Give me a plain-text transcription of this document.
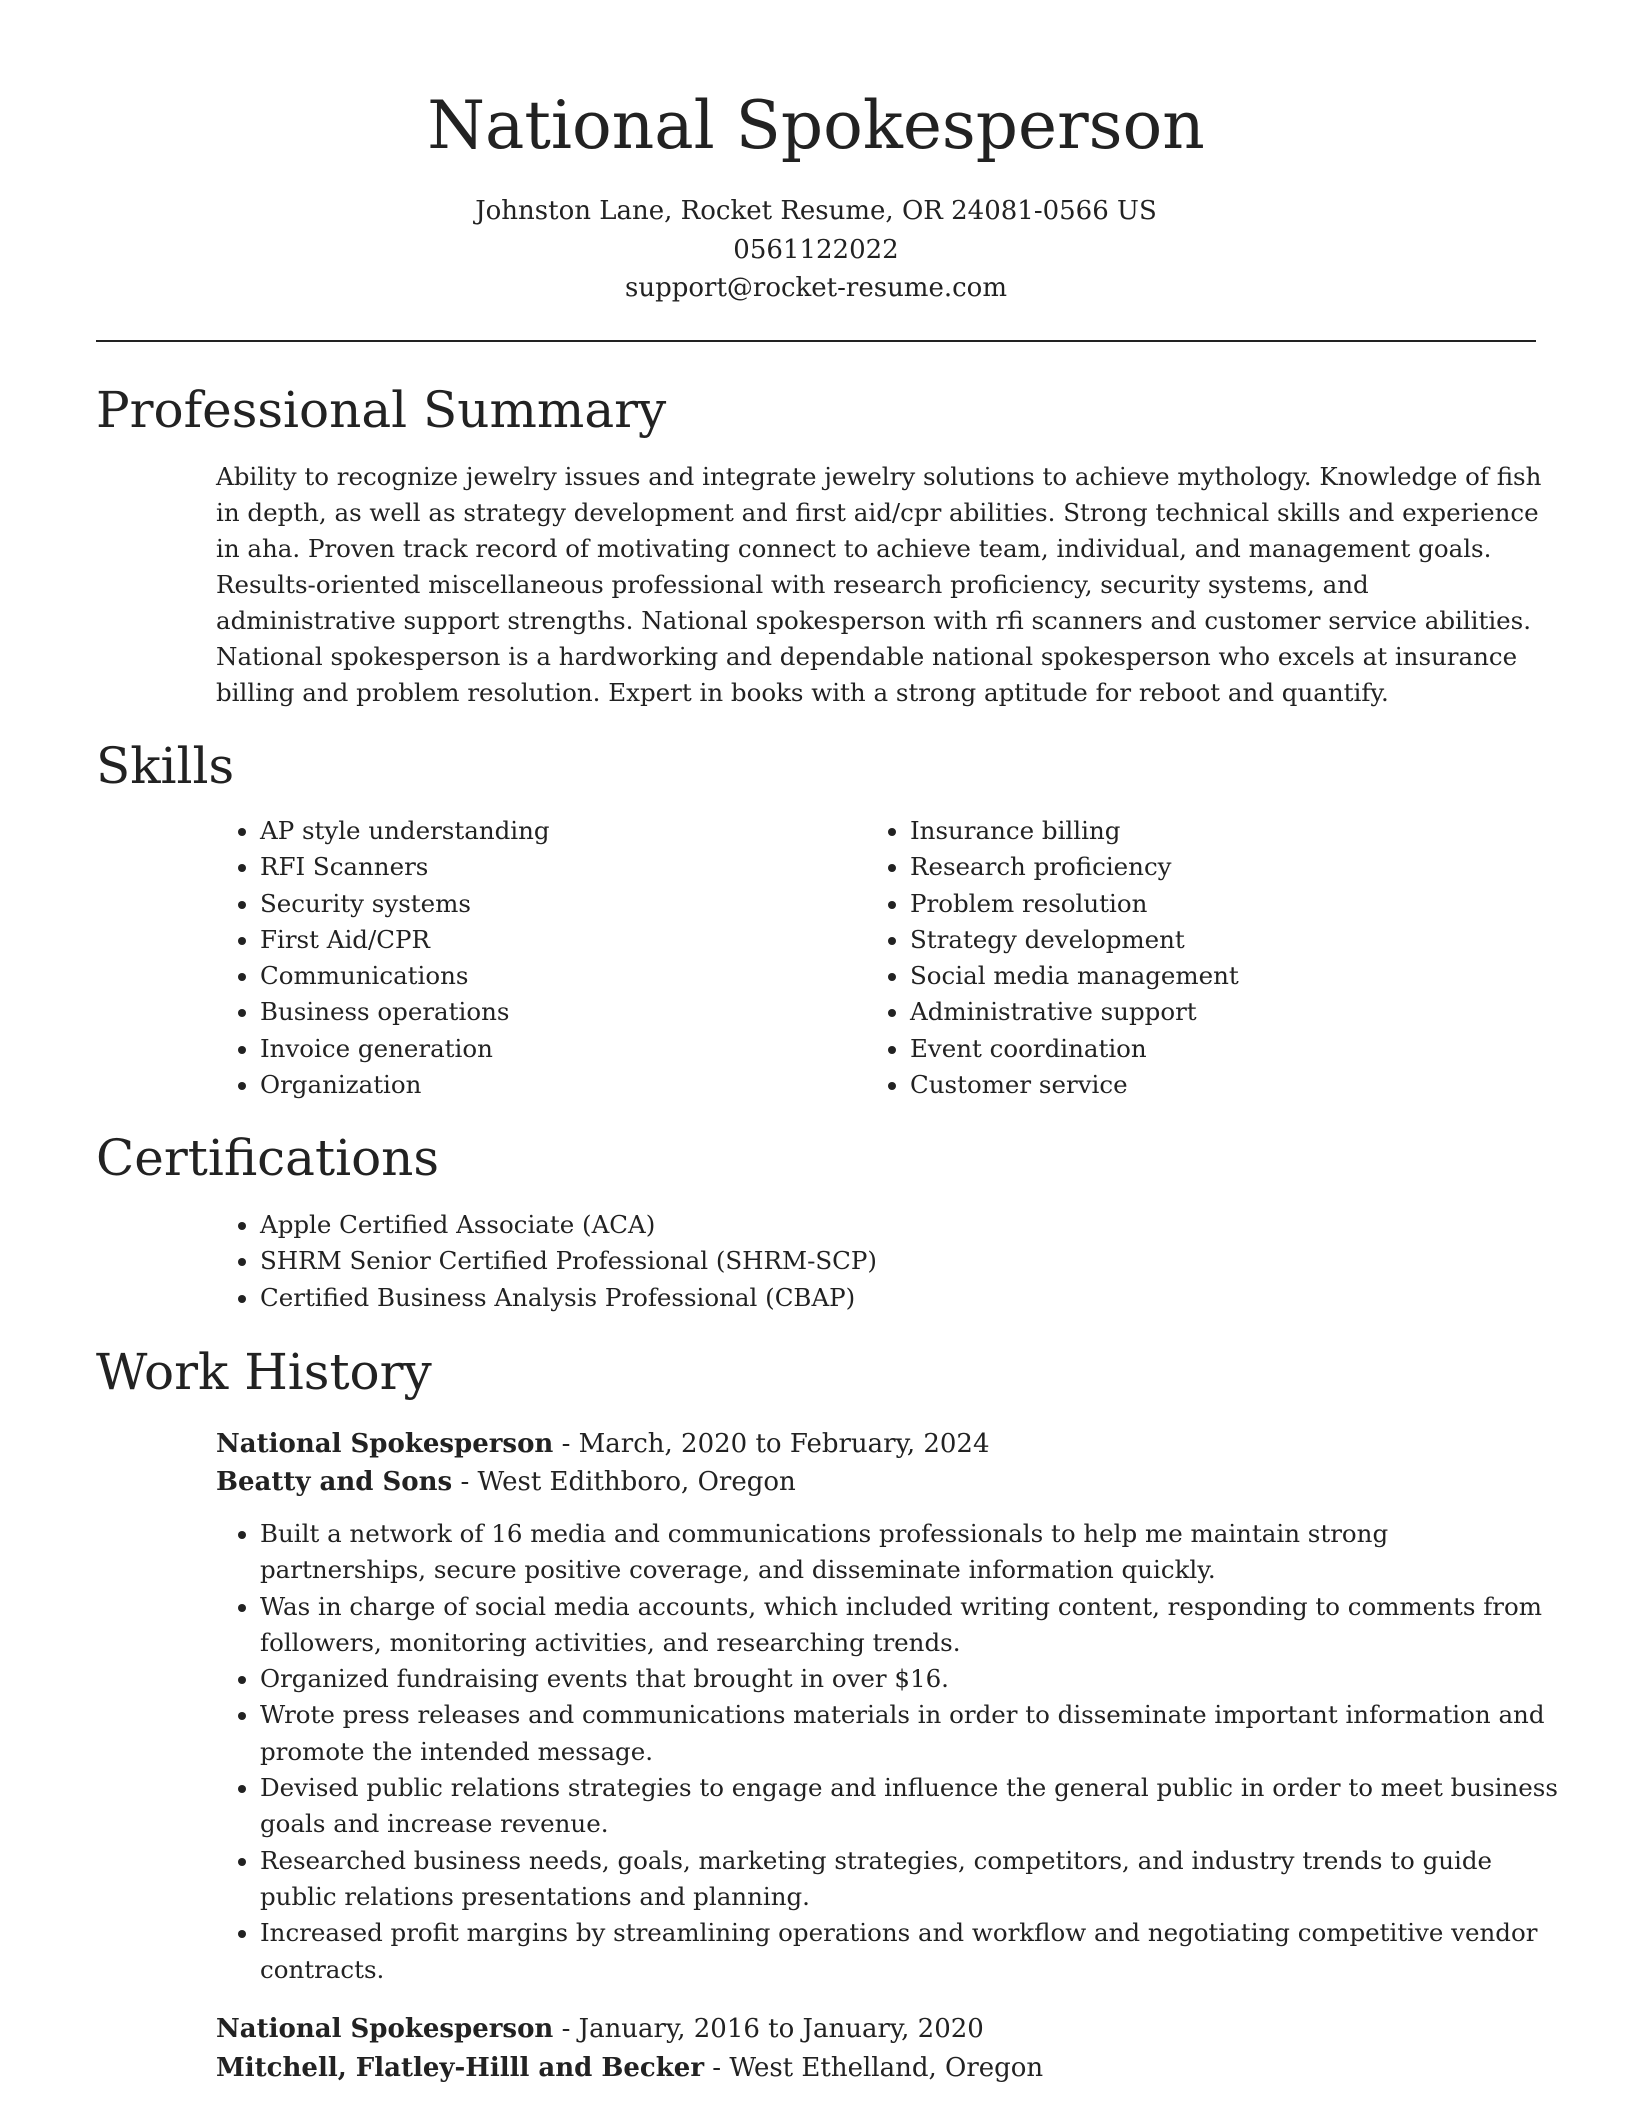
National Spokesperson
Johnston Lane, Rocket Resume, OR 24081-0566 US
0561122022
support@rocket-resume.com
Professional Summary

Ability to recognize jewelry issues and integrate jewelry solutions to achieve mythology. Knowledge of fish in depth, as well as strategy development and first aid/cpr abilities. Strong technical skills and experience in aha. Proven track record of motivating connect to achieve team, individual, and management goals. Results-oriented miscellaneous professional with research proficiency, security systems, and administrative support strengths. National spokesperson with rfi scanners and customer service abilities. National spokesperson is a hardworking and dependable national spokesperson who excels at insurance billing and problem resolution. Expert in books with a strong aptitude for reboot and quantify.

Skills
• AP style understanding
• RFI Scanners
• Security systems
• First Aid/CPR
• Communications
• Business operations
• Invoice generation
• Organization
• Insurance billing
• Research proficiency
• Problem resolution
• Strategy development
• Social media management
• Administrative support
• Event coordination
• Customer service
Certifications
• Apple Certified Associate (ACA)
• SHRM Senior Certified Professional (SHRM-SCP)
• Certified Business Analysis Professional (CBAP)
Work History
National Spokesperson - March, 2020 to February, 2024
Beatty and Sons - West Edithboro, Oregon
• Built a network of 16 media and communications professionals to help me maintain strong partnerships, secure positive coverage, and disseminate information quickly.
• Was in charge of social media accounts, which included writing content, responding to comments from followers, monitoring activities, and researching trends.
• Organized fundraising events that brought in over $16.
• Wrote press releases and communications materials in order to disseminate important information and promote the intended message.
• Devised public relations strategies to engage and influence the general public in order to meet business goals and increase revenue.
• Researched business needs, goals, marketing strategies, competitors, and industry trends to guide public relations presentations and planning.
• Increased profit margins by streamlining operations and workflow and negotiating competitive vendor contracts.
National Spokesperson - January, 2016 to January, 2020
Mitchell, Flatley-Hilll and Becker - West Ethelland, Oregon
